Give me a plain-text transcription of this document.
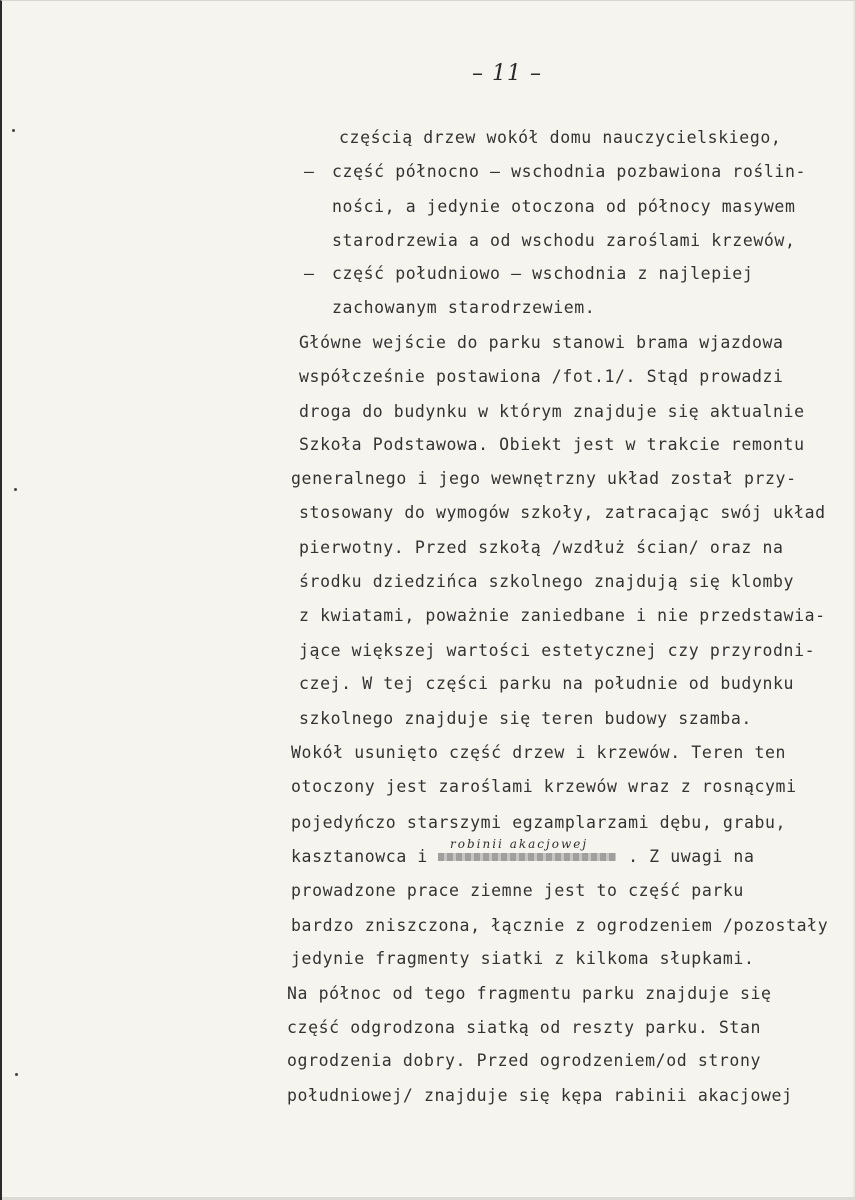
– 11 –
częścią drzew wokół domu nauczycielskiego,
– część północno – wschodnia pozbawiona roślin-
ności, a jedynie otoczona od północy masywem
starodrzewia a od wschodu zaroślami krzewów,
– część południowo – wschodnia z najlepiej
zachowanym starodrzewiem.
Główne wejście do parku stanowi brama wjazdowa
współcześnie postawiona /fot.1/. Stąd prowadzi
droga do budynku w którym znajduje się aktualnie
Szkoła Podstawowa. Obiekt jest w trakcie remontu
generalnego i jego wewnętrzny układ został przy-
stosowany do wymogów szkoły, zatracając swój układ
pierwotny. Przed szkołą /wzdłuż ścian/ oraz na
środku dziedzińca szkolnego znajdują się klomby
z kwiatami, poważnie zaniedbane i nie przedstawia-
jące większej wartości estetycznej czy przyrodni-
czej. W tej części parku na południe od budynku
szkolnego znajduje się teren budowy szamba.
Wokół usunięto część drzew i krzewów. Teren ten
otoczony jest zaroślami krzewów wraz z rosnącymi
pojedyńczo starszymi egzamplarzami dębu, grabu,
robinii akacjowej
kasztanowca i                   . Z uwagi na
prowadzone prace ziemne jest to część parku
bardzo zniszczona, łącznie z ogrodzeniem /pozostały
jedynie fragmenty siatki z kilkoma słupkami.
Na północ od tego fragmentu parku znajduje się
część odgrodzona siatką od reszty parku. Stan
ogrodzenia dobry. Przed ogrodzeniem/od strony
południowej/ znajduje się kępa rabinii akacjowej
